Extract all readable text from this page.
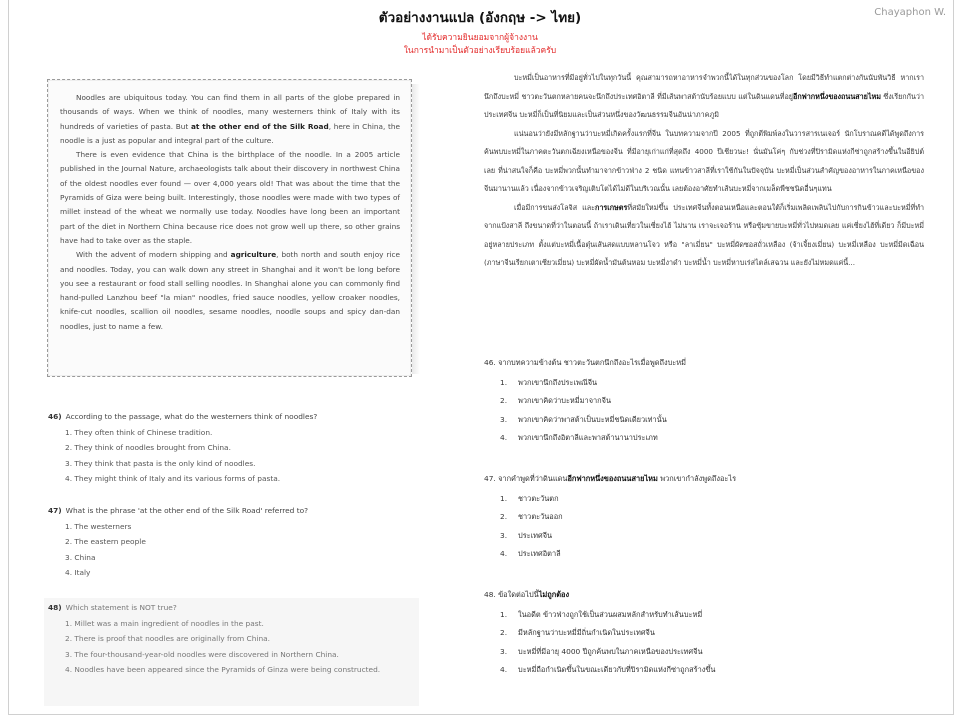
ตัวอย่างงานแปล (อังกฤษ -> ไทย)	Chayaphon W.
ได้รับความยินยอมจากผู้จ้างงาน
ในการนำมาเป็นตัวอย่างเรียบร้อยแล้วครับ

Noodles are ubiquitous today. You can find them in all parts of the globe prepared in thousands of ways. When we think of noodles, many westerners think of Italy with its hundreds of varieties of pasta. But at the other end of the Silk Road, here in China, the noodle is a just as popular and integral part of the culture.

There is even evidence that China is the birthplace of the noodle. In a 2005 article published in the Journal Nature, archaeologists talk about their discovery in northwest China of the oldest noodles ever found — over 4,000 years old! That was about the time that the Pyramids of Giza were being built. Interestingly, those noodles were made with two types of millet instead of the wheat we normally use today. Noodles have long been an important part of the diet in Northern China because rice does not grow well up there, so other grains have had to take over as the staple.

With the advent of modern shipping and agriculture, both north and south enjoy rice and noodles. Today, you can walk down any street in Shanghai and it won't be long before you see a restaurant or food stall selling noodles. In Shanghai alone you can commonly find hand-pulled Lanzhou beef "la mian" noodles, fried sauce noodles, yellow croaker noodles, knife-cut noodles, scallion oil noodles, sesame noodles, noodle soups and spicy dan-dan noodles, just to name a few.

46) According to the passage, what do the westerners think of noodles?
1. They often think of Chinese tradition.
2. They think of noodles brought from China.
3. They think that pasta is the only kind of noodles.
4. They might think of Italy and its various forms of pasta.
47) What is the phrase 'at the other end of the Silk Road' referred to?
1. The westerners
2. The eastern people
3. China
4. Italy
48) Which statement is NOT true?
1. Millet was a main ingredient of noodles in the past.
2. There is proof that noodles are originally from China.
3. The four-thousand-year-old noodles were discovered in Northern China.
4. Noodles have been appeared since the Pyramids of Ginza were being constructed.

บะหมี่เป็นอาหารที่มีอยู่ทั่วไปในทุกวันนี้ คุณสามารถหาอาหารจำพวกนี้ได้ในทุกส่วนของโลก โดยมีวิธีทำแตกต่างกันนับพันวิธี หากเรานึกถึงบะหมี่ ชาวตะวันตกหลายคนจะนึกถึงประเทศอิตาลี ที่มีเส้นพาสต้านับร้อยแบบ แต่ในดินแดนที่อยู่อีกฟากหนึ่งของถนนสายไหม ซึ่งเรียกกันว่าประเทศจีน บะหมี่ก็เป็นที่นิยมและเป็นส่วนหนึ่งของวัฒนธรรมจีนอันน่าภาคภูมิ

แน่นอนว่ายังมีหลักฐานว่าบะหมี่เกิดครั้งแรกที่จีน ในบทความจากปี 2005 ที่ถูกตีพิมพ์ลงในวารสารเนเจอร์ นักโบราณคดีได้พูดถึงการค้นพบบะหมี่ในภาคตะวันตกเฉียงเหนือของจีน ที่มีอายุเก่าแก่ที่สุดถึง 4000 ปีเชียวนะ! นั่นมันโค่ๆ กับช่วงที่ปิรามิดแห่งกีซ่าถูกสร้างขึ้นในอียิปต์เลย ที่น่าสนใจก็คือ บะหมี่พวกนั้นทำมาจากข้าวฟ่าง 2 ชนิด แทนข้าวสาลีที่เราใช้กันในปัจจุบัน บะหมี่เป็นส่วนสำคัญของอาหารในภาคเหนือของจีนมานานแล้ว เนื่องจากข้าวเจริญเติบโตได้ไม่ดีในบริเวณนั้น เลยต้องอาศัยทำเส้นบะหมี่จากเมล็ดพืชชนิดอื่นๆแทน

เมื่อมีการขนส่งโลจิส และการเกษตรที่สมัยใหม่ขึ้น ประเทศจีนทั้งตอนเหนือและตอนใต้ก็เริ่มเพลิดเพลินไปกับการกินข้าวและบะหมี่ที่ทำจากแป้งสาลี ถึงขนาดที่ว่าในตอนนี้ ถ้าเราเดินเที่ยวในเซี่ยงไฮ้ ไม่นาน เราจะเจอร้าน หรือซุ้มขายบะหมี่ทั่วไปหมดเลย แค่เซี่ยงไฮ้ที่เดียว ก็มีบะหมี่อยู่หลายประเภท ตั้งแต่บะหมี่เนื้อตุ๋นเส้นสดแบบหลานโจว หรือ "ลาเมี่ยน" บะหมี่ผัดซอสถั่วเหลือง (จ้าเจี้ยงเมี่ยน) บะหมี่เหลือง บะหมี่มีดเฉือน (ภาษาจีนเรียกเตาเซียวเมี่ยน) บะหมี่ผัดน้ำมันต้นหอม บะหมี่งาดำ บะหมี่น้ำ บะหมี่หาบเร่สไตล์เสฉวน และยังไม่หมดแค่นี้...

46. จากบทความข้างต้น ชาวตะวันตกนึกถึงอะไรเมื่อพูดถึงบะหมี่
1. พวกเขานึกถึงประเพณีจีน
2. พวกเขาคิดว่าบะหมี่มาจากจีน
3. พวกเขาคิดว่าพาสต้าเป็นบะหมี่ชนิดเดียวเท่านั้น
4. พวกเขานึกถึงอิตาลีและพาสต้านานาประเภท
47. จากคำพูดที่ว่าดินแดนอีกฟากหนึ่งของถนนสายไหม พวกเขากำลังพูดถึงอะไร
1. ชาวตะวันตก
2. ชาวตะวันออก
3. ประเทศจีน
4. ประเทศอิตาลี
48. ข้อใดต่อไปนี้ไม่ถูกต้อง
1. ในอดีต ข้าวฟ่างถูกใช้เป็นส่วนผสมหลักสำหรับทำเส้นบะหมี่
2. มีหลักฐานว่าบะหมี่มีถิ่นกำเนิดในประเทศจีน
3. บะหมี่ที่มีอายุ 4000 ปีถูกค้นพบในภาคเหนือของประเทศจีน
4. บะหมี่ถือกำเนิดขึ้นในขณะเดียวกับที่ปิรามิดแห่งกีซ่าถูกสร้างขึ้น
